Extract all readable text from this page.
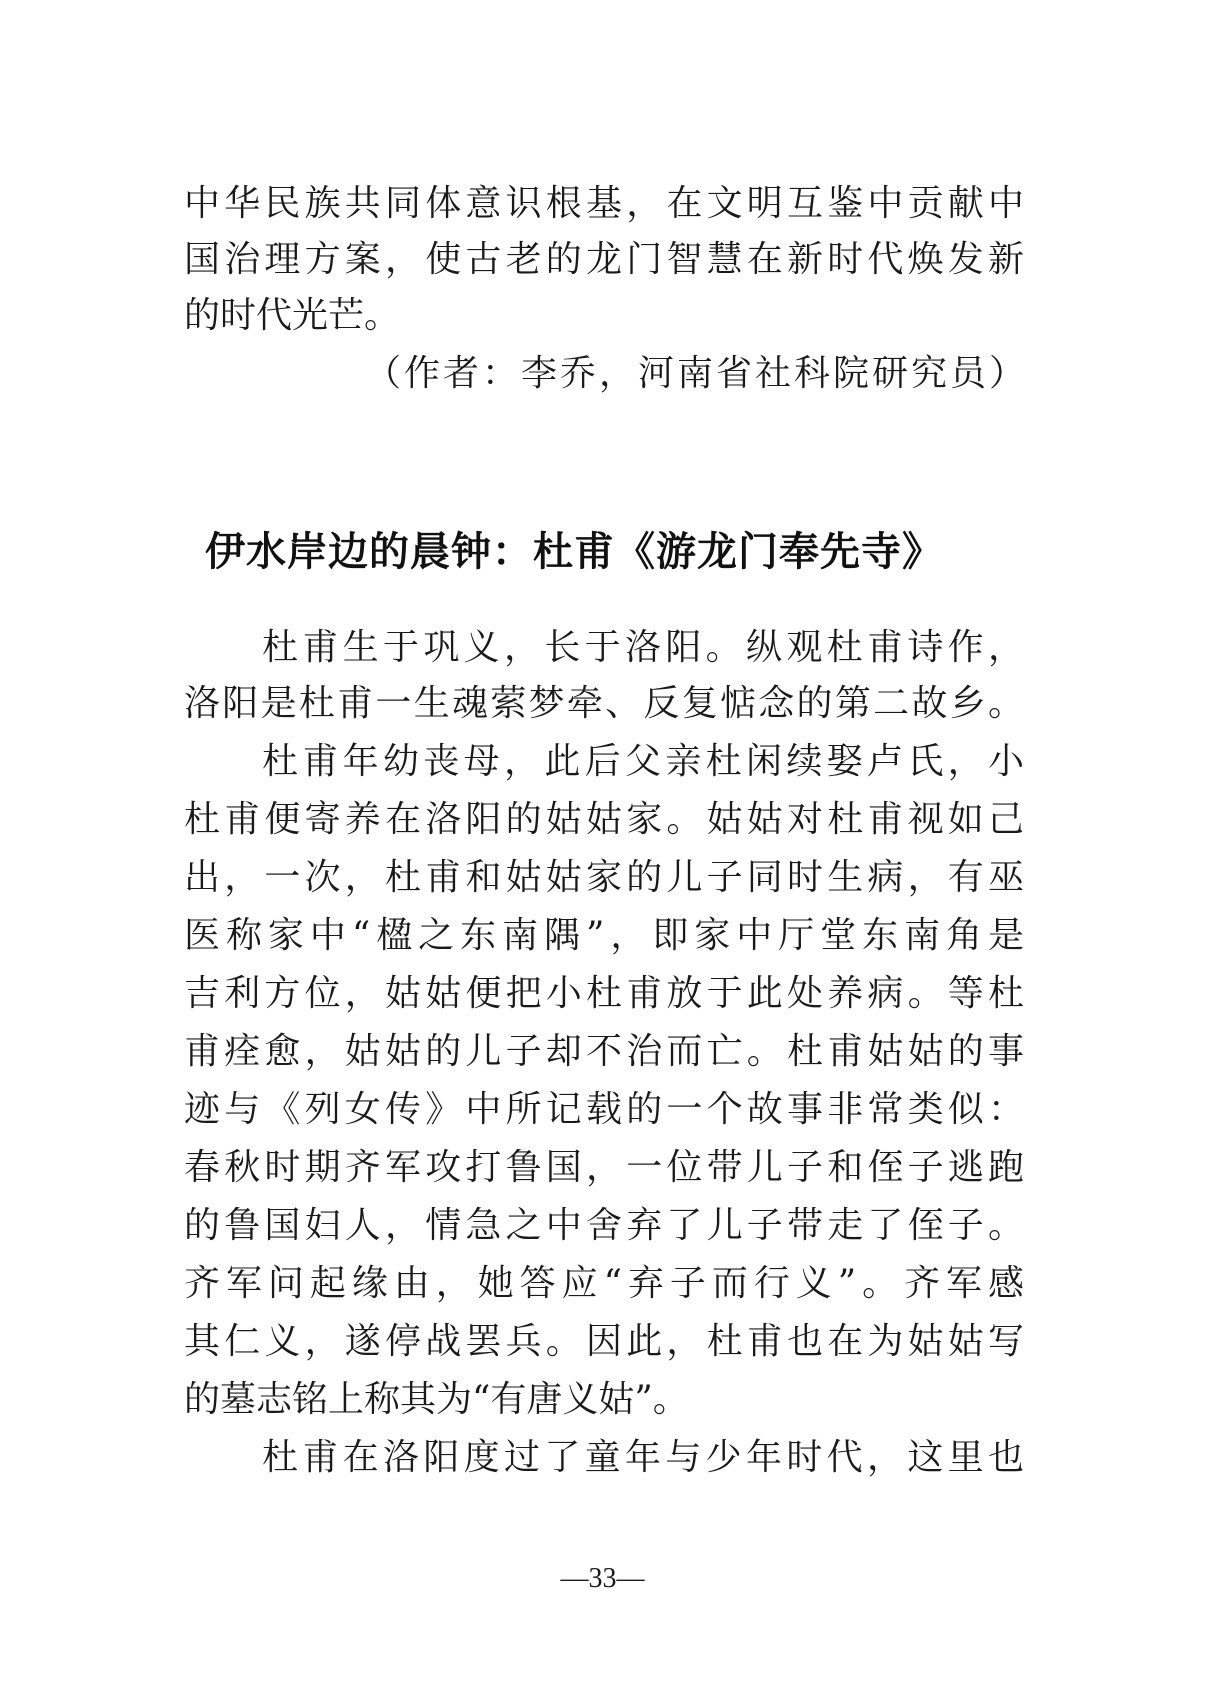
中华民族共同体意识根基，在文明互鉴中贡献中
国治理方案，使古老的龙门智慧在新时代焕发新
的时代光芒。
（作者：李乔，河南省社科院研究员）
伊水岸边的晨钟：杜甫《游龙门奉先寺》
杜甫生于巩义，长于洛阳。纵观杜甫诗作，
洛阳是杜甫一生魂萦梦牵、反复惦念的第二故乡。
杜甫年幼丧母，此后父亲杜闲续娶卢氏，小
杜甫便寄养在洛阳的姑姑家。姑姑对杜甫视如己
出，一次，杜甫和姑姑家的儿子同时生病，有巫
医称家中“楹之东南隅”，即家中厅堂东南角是
吉利方位，姑姑便把小杜甫放于此处养病。等杜
甫痊愈，姑姑的儿子却不治而亡。杜甫姑姑的事
迹与《列女传》中所记载的一个故事非常类似：
春秋时期齐军攻打鲁国，一位带儿子和侄子逃跑
的鲁国妇人，情急之中舍弃了儿子带走了侄子。
齐军问起缘由，她答应“弃子而行义”。齐军感
其仁义，遂停战罢兵。因此，杜甫也在为姑姑写
的墓志铭上称其为“有唐义姑”。
杜甫在洛阳度过了童年与少年时代，这里也
—33—
